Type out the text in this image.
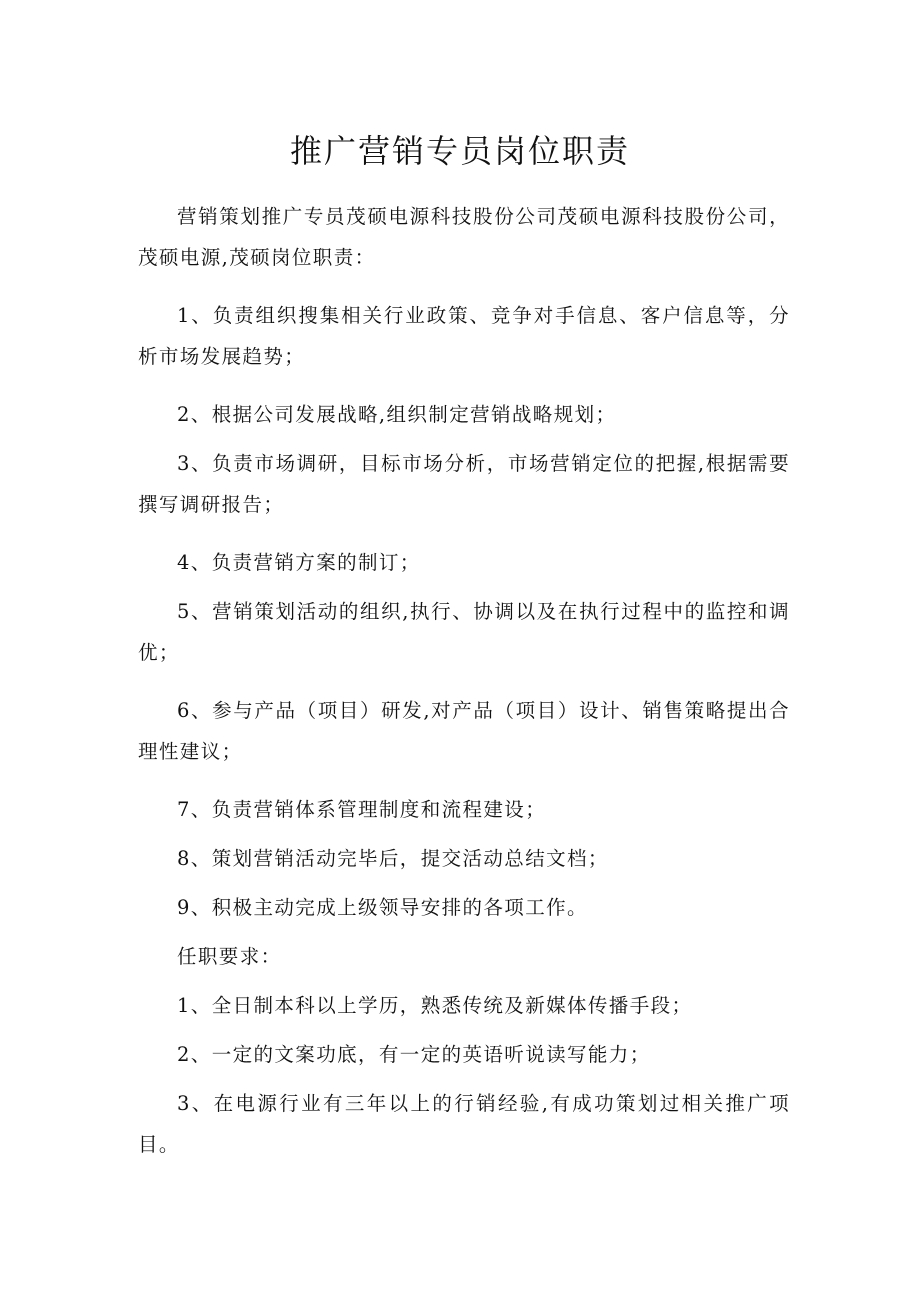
推广营销专员岗位职责

营销策划推广专员茂硕电源科技股份公司茂硕电源科技股份公司，茂硕电源,茂硕岗位职责：

1、负责组织搜集相关行业政策、竞争对手信息、客户信息等，分析市场发展趋势；

2、根据公司发展战略,组织制定营销战略规划；

3、负责市场调研，目标市场分析，市场营销定位的把握,根据需要撰写调研报告；

4、负责营销方案的制订；

5、营销策划活动的组织,执行、协调以及在执行过程中的监控和调优；

6、参与产品（项目）研发,对产品（项目）设计、销售策略提出合理性建议；

7、负责营销体系管理制度和流程建设；

8、策划营销活动完毕后，提交活动总结文档；

9、积极主动完成上级领导安排的各项工作。

任职要求：

1、全日制本科以上学历，熟悉传统及新媒体传播手段；

2、一定的文案功底，有一定的英语听说读写能力；

3、在电源行业有三年以上的行销经验,有成功策划过相关推广项目。
